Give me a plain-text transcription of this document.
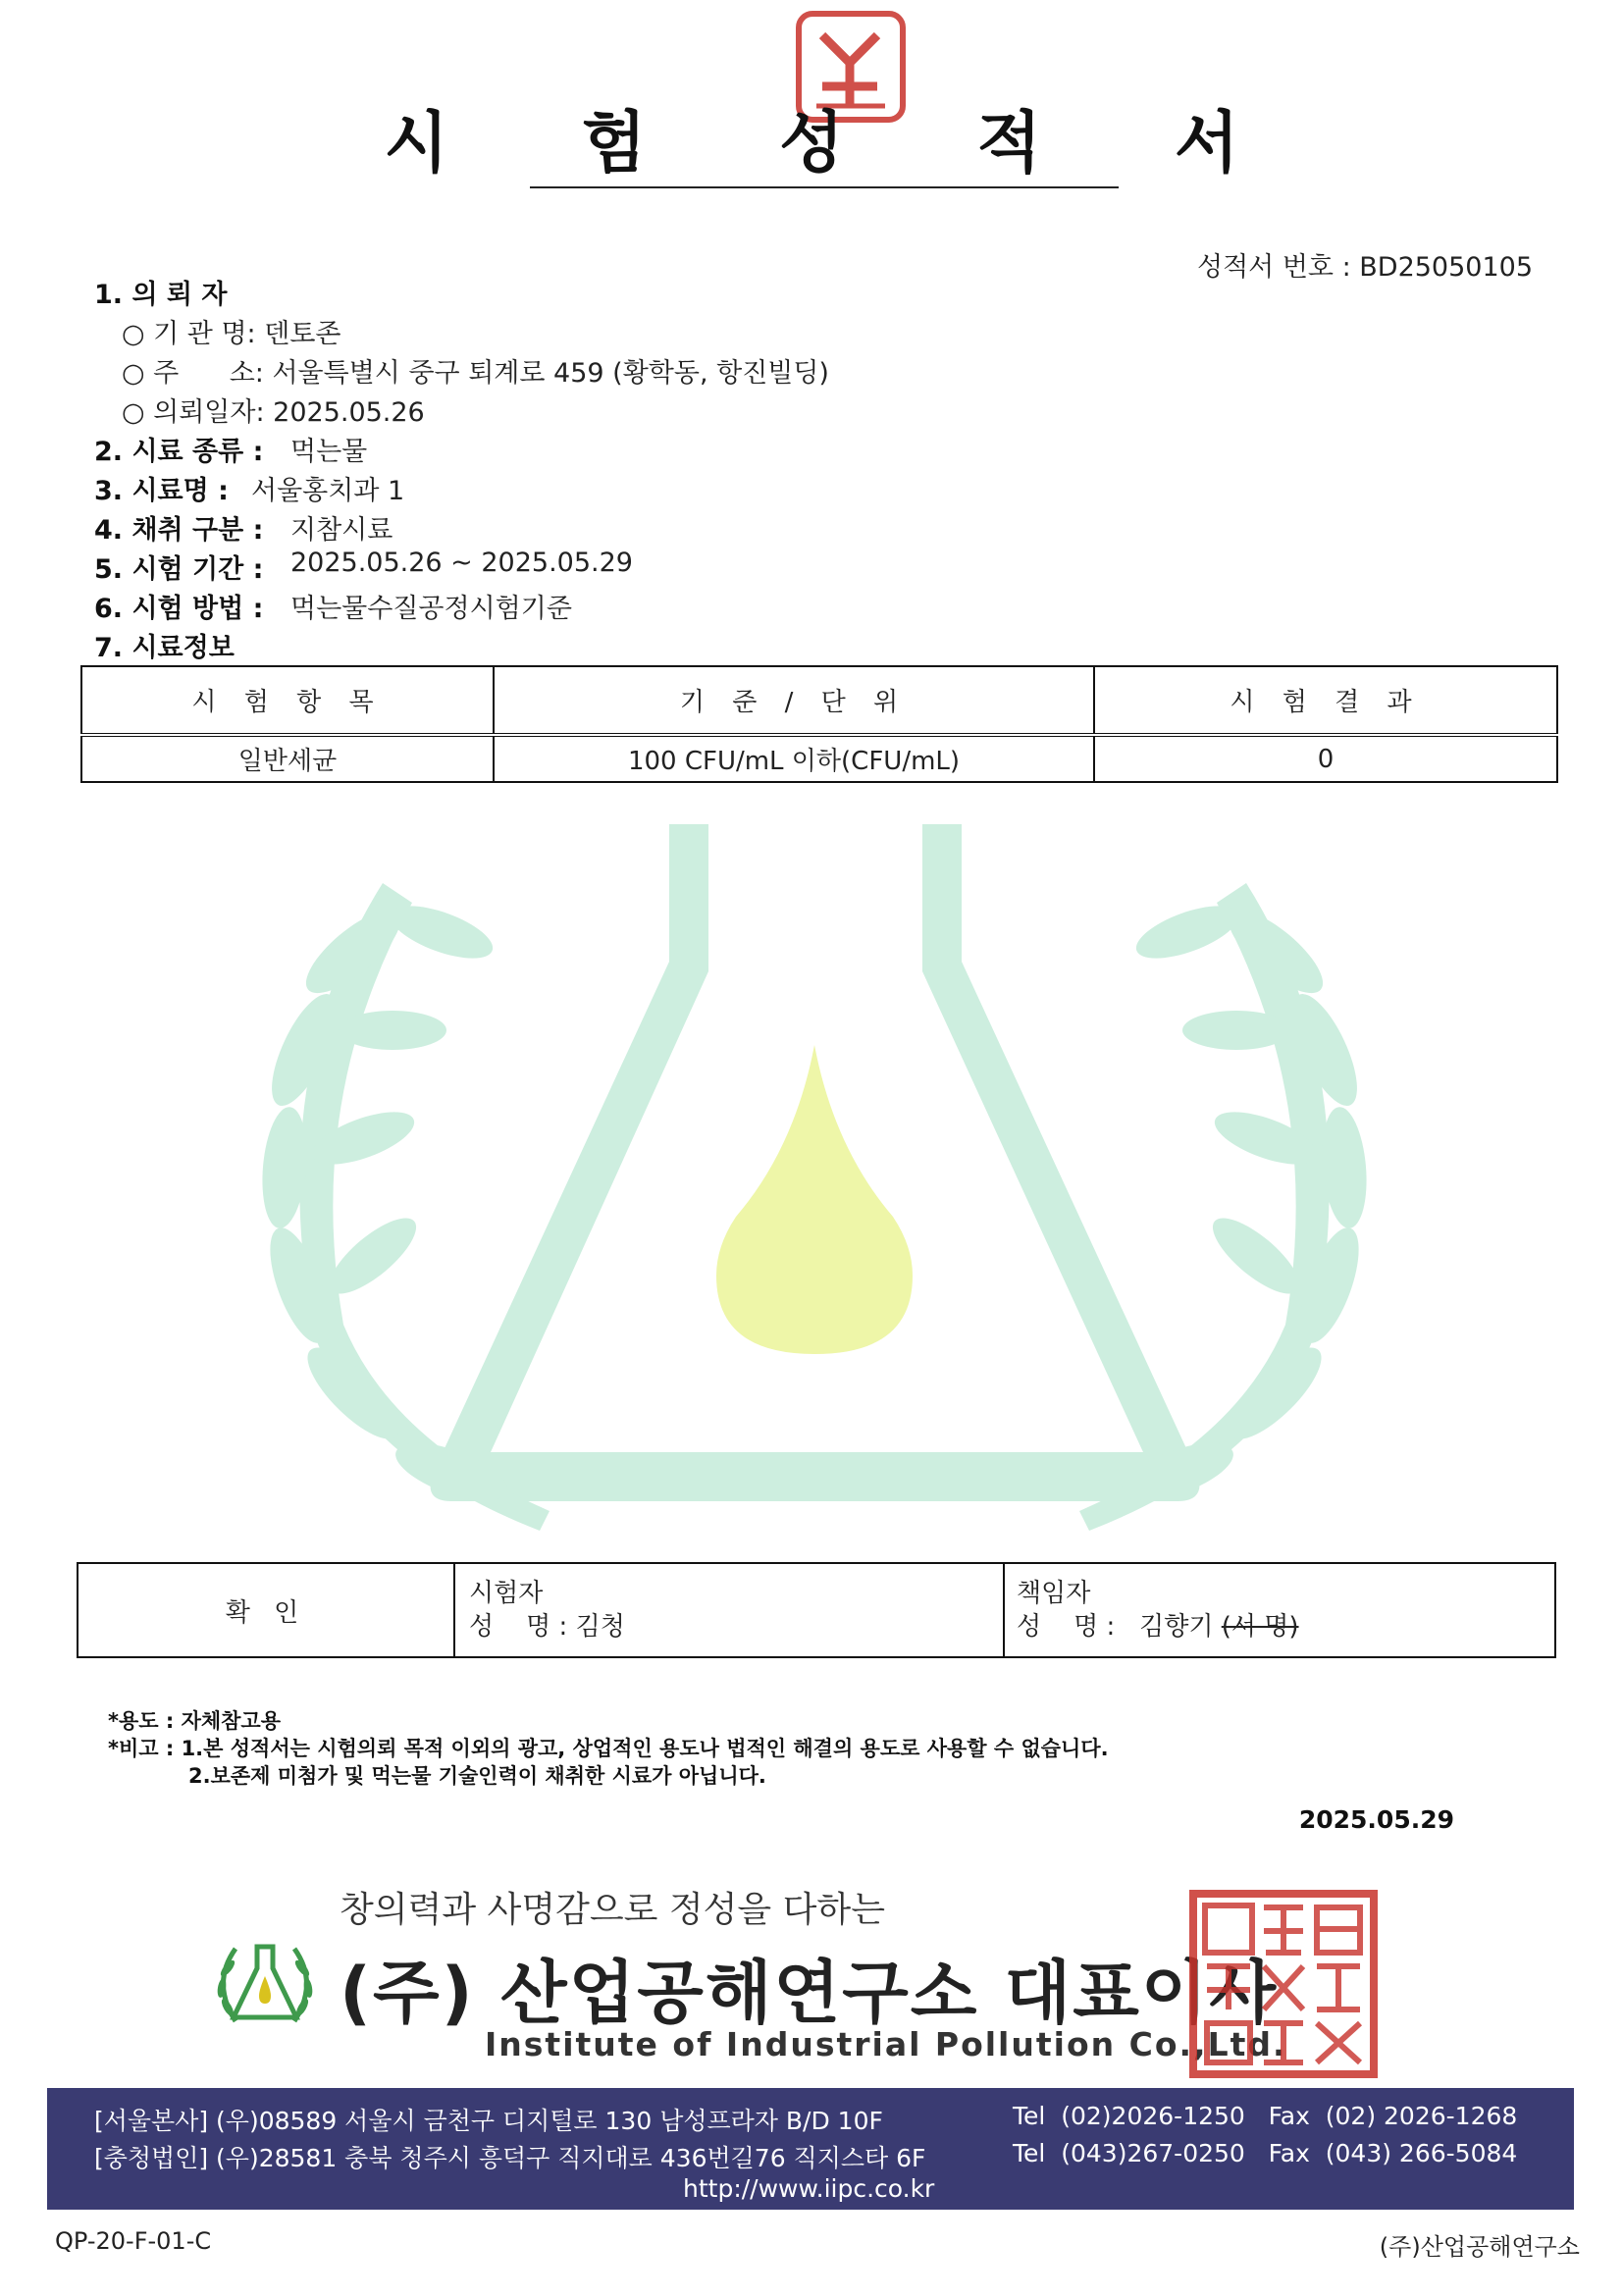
시 험 성 적 서
성적서 번호 : BD25050105
1. 의 뢰 자
○ 기 관 명: 덴토존
○ 주      소: 서울특별시 중구 퇴계로 459 (황학동, 항진빌딩)
○ 의뢰일자: 2025.05.26
2. 시료 종류 : 먹는물
3. 시료명 : 서울홍치과 1
4. 채취 구분 : 지참시료
5. 시험 기간 : 2025.05.26 ~ 2025.05.29
6. 시험 방법 : 먹는물수질공정시험기준
7. 시료정보
시 험 항 목	기 준 / 단 위	시 험 결 과
일반세균	100 CFU/mL 이하(CFU/mL)	0
확 인	
시험자
성    명 : 김청

책임자
성    명 :   김향기 (서 명)
*용도 : 자체참고용
*비고 : 1.본 성적서는 시험의뢰 목적 이외의 광고, 상업적인 용도나 법적인 해결의 용도로 사용할 수 없습니다.
2.보존제 미첨가 및 먹는물 기술인력이 채취한 시료가 아닙니다.
2025.05.29
창의력과 사명감으로 정성을 다하는
(주) 산업공해연구소 대표이사
Institute of Industrial Pollution Co.,Ltd.
[서울본사] (우)08589 서울시 금천구 디지털로 130 남성프라자 B/D 10F	Tel  (02)2026-1250   Fax  (02) 2026-1268
[충청법인] (우)28581 충북 청주시 흥덕구 직지대로 436번길76 직지스타 6F	Tel  (043)267-0250   Fax  (043) 266-5084
http://www.iipc.co.kr
QP-20-F-01-C	(주)산업공해연구소
